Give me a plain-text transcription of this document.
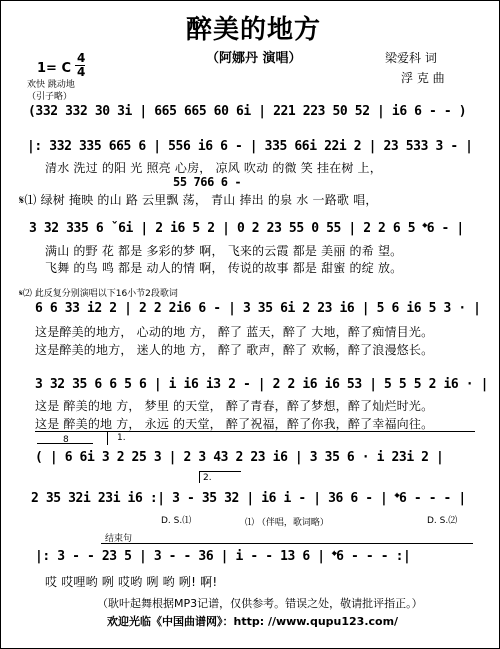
醉美的地方
（阿娜丹 演唱）
1= C
4
4
梁爱科 词
浮 克 曲
欢快 跳动地
（引子略）
(332 332 30 3i | 665 665 60 6i | 221 223 50 52 | i6 6 - - )
|: 332 335 665 6 | 556 i6 6 - | 335 66i 22i 2 | 23 533 3 - |
清水 洗过 的阳 光 照亮 心房， 凉风 吹动 的微 笑 挂在树 上，
55 766 6 -
𝄋⑴ 绿树 掩映 的山 路 云里飘 荡， 青山 捧出 的泉 水 一路歌 唱，
3 32 335 6 ˇ6i | 2 i6 5 2 | 0 2 23 55 0 55 | 2 2 6 5 𝄌6 - |
满山 的野 花 都是 多彩的梦 啊， 飞来的云霞 都是 美丽 的希 望。
飞舞 的鸟 鸣 都是 动人的情 啊， 传说的故事 都是 甜蜜 的绽 放。
𝄋⑵ 此反复分别演唱以下16小节2段歌词
6 6 33 i2 2 | 2 2 2i6 6 - | 3 35 6i 2 23 i6 | 5 6 i6 5 3 · |
这是醉美的地方， 心动的地 方， 醉了 蓝天，醉了 大地，醉了痴情目光。
这是醉美的地方， 迷人的地 方， 醉了 歌声，醉了 欢畅，醉了浪漫悠长。
3 32 35 6 6 5 6 | i i6 i3 2 - | 2 2 i6 i6 53 | 5 5 5 2 i6 · |
这是 醉美的地 方， 梦里 的天堂， 醉了青春，醉了梦想，醉了灿烂时光。
这是 醉美的地 方， 永远 的天堂， 醉了祝福，醉了你我，醉了幸福向往。
1.
8
( | 6 6i 3 2 25 3 | 2 3 43 2 23 i6 | 3 35 6 · i 23i 2 |
2.
2 35 32i 23i i6 :| 3 - 35 32 | i6 i - | 36 6 - | 𝄌6 - - - |
D. S.⑴	⑴ （伴唱，歌词略）	D. S.⑵
结束句
|: 3 - - 23 5 | 3 - - 36 | i - - 13 6 | 𝄌6 - - - :|
哎 哎哩哟 咧 哎哟 咧 哟 咧! 啊!
（耿叶起舞根据MP3记谱，仅供参考。错误之处，敬请批评指正。）
欢迎光临《中国曲谱网》：http: //www.qupu123.com/
